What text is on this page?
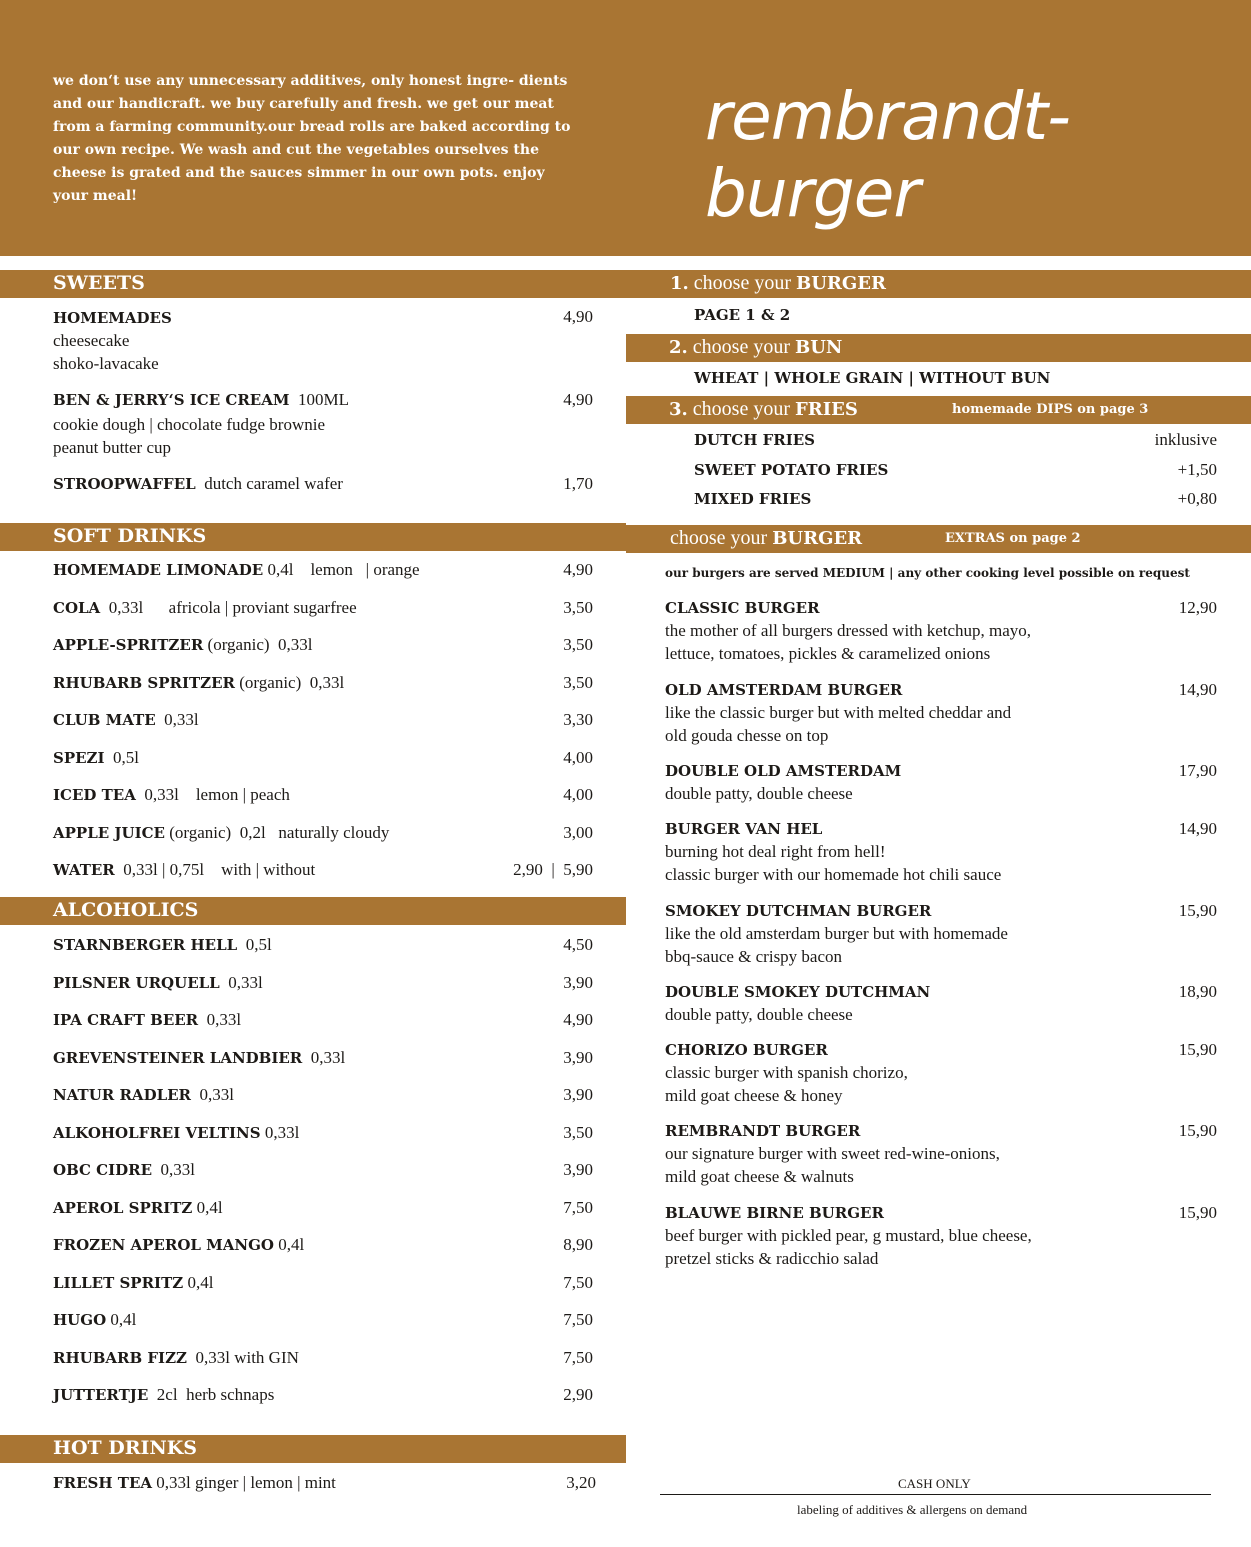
we don‘t use any unnecessary additives, only honest ingre- dients and our handicraft. we buy carefully and fresh. we get our meat from a farming community.our bread rolls are baked according to our own recipe. We wash and cut the vegetables ourselves the cheese is grated and the sauces simmer in our own pots. enjoy your meal!
rembrandt-burger
SWEETS
HOMEMADES	4,90
cheesecake
shoko-lavacake
BEN & JERRY‘S ICE CREAM 100ML	4,90
cookie dough | chocolate fudge brownie
peanut butter cup
STROOPWAFFEL dutch caramel wafer	1,70
SOFT DRINKS
HOMEMADE LIMONADE 0,4l    lemon   | orange	4,90
COLA  0,33l      africola | proviant sugarfree	3,50
APPLE-SPRITZER (organic)  0,33l	3,50
RHUBARB SPRITZER (organic)  0,33l	3,50
CLUB MATE  0,33l	3,30
SPEZI  0,5l	4,00
ICED TEA  0,33l    lemon | peach	4,00
APPLE JUICE (organic)  0,2l   naturally cloudy	3,00
WATER  0,33l | 0,75l    with | without	2,90  |  5,90
ALCOHOLICS
STARNBERGER HELL  0,5l	4,50
PILSNER URQUELL  0,33l	3,90
IPA CRAFT BEER  0,33l	4,90
GREVENSTEINER LANDBIER  0,33l	3,90
NATUR RADLER  0,33l	3,90
ALKOHOLFREI VELTINS 0,33l	3,50
OBC CIDRE  0,33l	3,90
APEROL SPRITZ 0,4l	7,50
FROZEN APEROL MANGO 0,4l	8,90
LILLET SPRITZ 0,4l	7,50
HUGO 0,4l	7,50
RHUBARB FIZZ  0,33l with GIN	7,50
JUTTERTJE  2cl  herb schnaps	2,90
HOT DRINKS
FRESH TEA 0,33l ginger | lemon | mint	3,20
1. choose your BURGER
PAGE 1 & 2
2. choose your BUN
WHEAT | WHOLE GRAIN | WITHOUT BUN
3. choose your FRIES	homemade DIPS on page 3
DUTCH FRIES	inklusive
SWEET POTATO FRIES	+1,50
MIXED FRIES	+0,80
choose your BURGER	EXTRAS on page 2
our burgers are served MEDIUM | any other cooking level possible on request
CLASSIC BURGER	12,90
the mother of all burgers dressed with ketchup, mayo,
lettuce, tomatoes, pickles & caramelized onions
OLD AMSTERDAM BURGER	14,90
like the classic burger but with melted cheddar and
old gouda chesse on top
DOUBLE OLD AMSTERDAM	17,90
double patty, double cheese
BURGER VAN HEL	14,90
burning hot deal right from hell!
classic burger with our homemade hot chili sauce
SMOKEY DUTCHMAN BURGER	15,90
like the old amsterdam burger but with homemade
bbq-sauce & crispy bacon
DOUBLE SMOKEY DUTCHMAN	18,90
double patty, double cheese
CHORIZO BURGER	15,90
classic burger with spanish chorizo,
mild goat cheese & honey
REMBRANDT BURGER	15,90
our signature burger with sweet red-wine-onions,
mild goat cheese & walnuts
BLAUWE BIRNE BURGER	15,90
beef burger with pickled pear, g mustard, blue cheese,
pretzel sticks & radicchio salad
CASH ONLY
labeling of additives & allergens on demand
